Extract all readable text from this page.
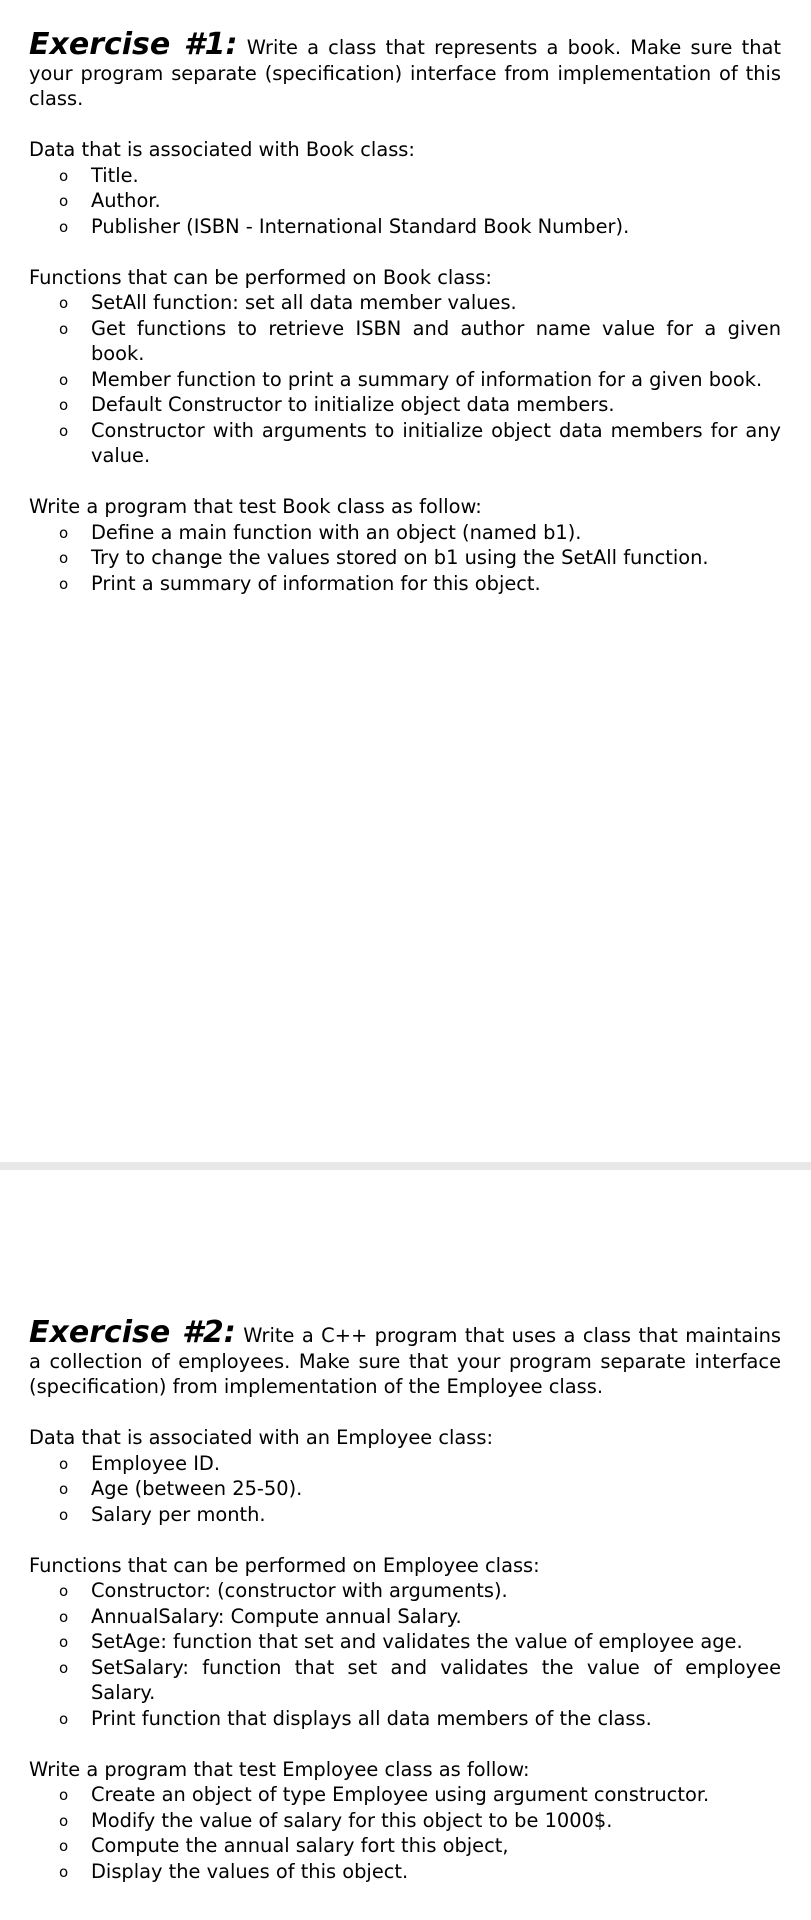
Exercise #1: Write a class that represents a book. Make sure that your program separate (specification) interface from implementation of this class.

Data that is associated with Book class:

o Title.
o Author.
o Publisher (ISBN - International Standard Book Number).

Functions that can be performed on Book class:

o SetAll function: set all data member values.
o Get functions to retrieve ISBN and author name value for a given book.
o Member function to print a summary of information for a given book.
o Default Constructor to initialize object data members.
o Constructor with arguments to initialize object data members for any value.

Write a program that test Book class as follow:

o Define a main function with an object (named b1).
o Try to change the values stored on b1 using the SetAll function.
o Print a summary of information for this object.

Exercise #2: Write a C++ program that uses a class that maintains a collection of employees. Make sure that your program separate interface (specification) from implementation of the Employee class.

Data that is associated with an Employee class:

o Employee ID.
o Age (between 25-50).
o Salary per month.

Functions that can be performed on Employee class:

o Constructor: (constructor with arguments).
o AnnualSalary: Compute annual Salary.
o SetAge: function that set and validates the value of employee age.
o SetSalary: function that set and validates the value of employee Salary.
o Print function that displays all data members of the class.

Write a program that test Employee class as follow:

o Create an object of type Employee using argument constructor.
o Modify the value of salary for this object to be 1000$.
o Compute the annual salary fort this object,
o Display the values of this object.
